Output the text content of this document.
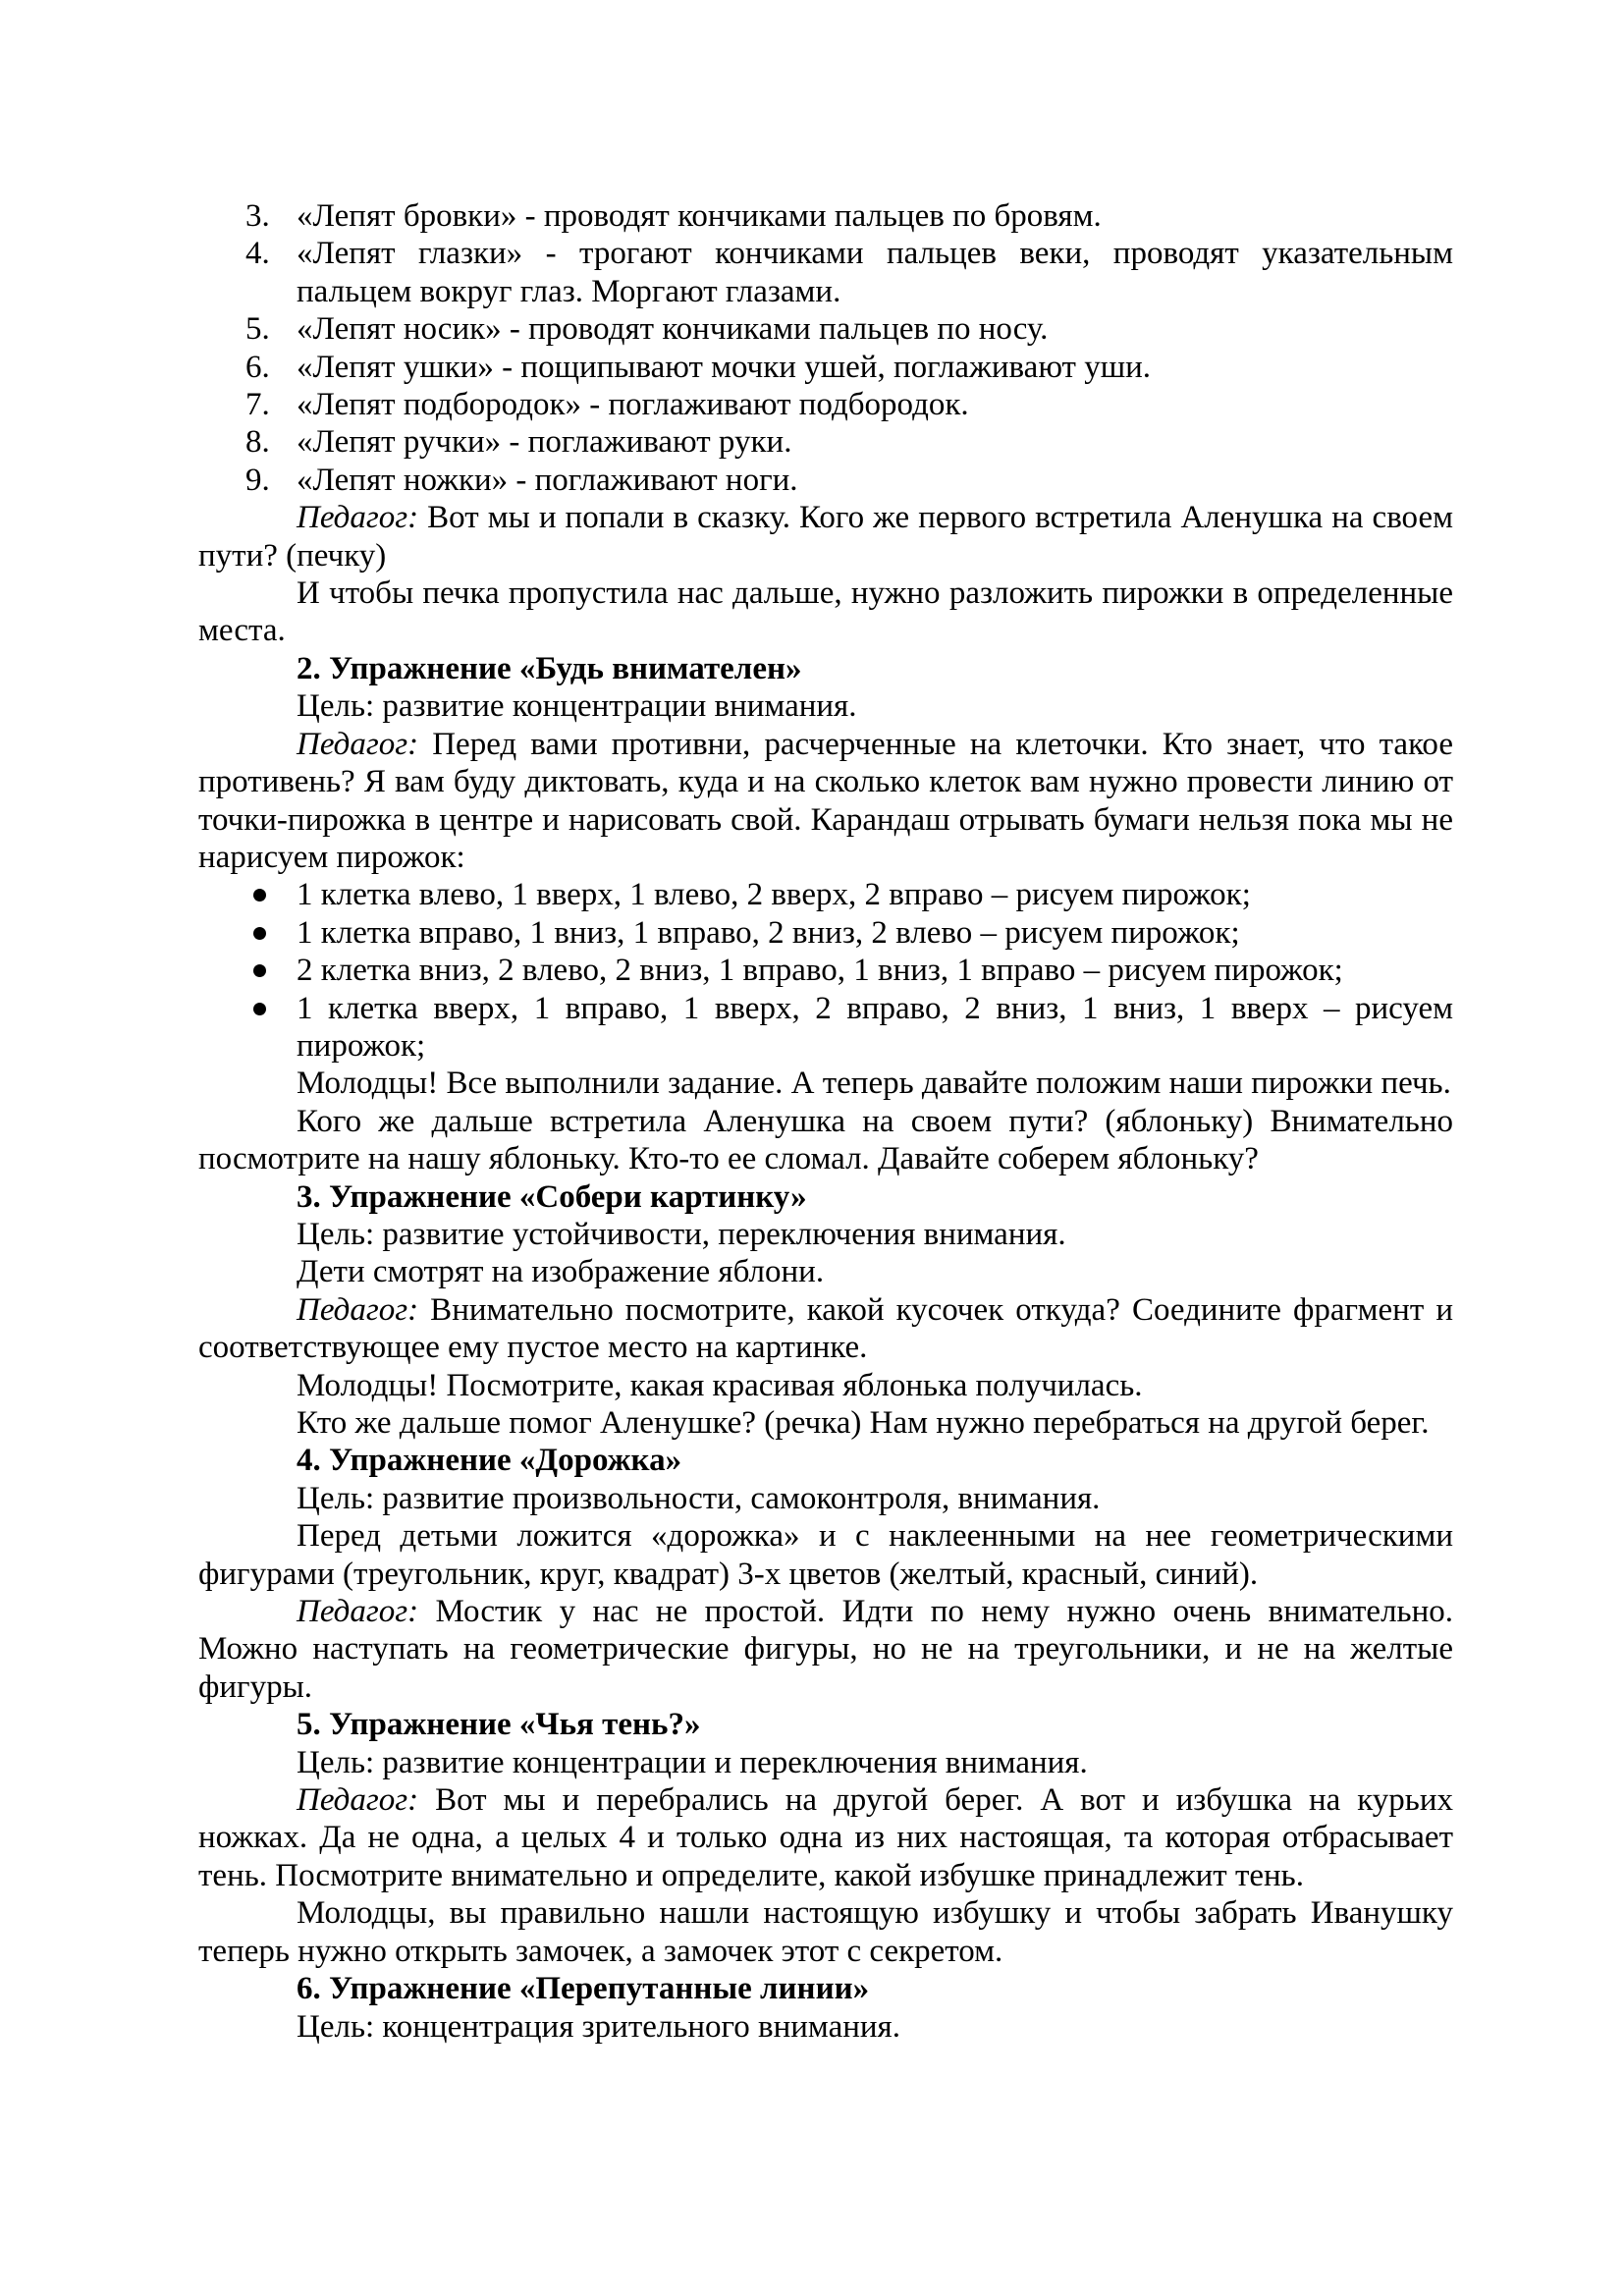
3. «Лепят бровки» - проводят кончиками пальцев по бровям.
4. «Лепят глазки» - трогают кончиками пальцев веки, проводят указательным пальцем вокруг глаз. Моргают глазами.
5. «Лепят носик» - проводят кончиками пальцев по носу.
6. «Лепят ушки» - пощипывают мочки ушей, поглаживают уши.
7. «Лепят подбородок» - поглаживают подбородок.
8. «Лепят ручки» - поглаживают руки.
9. «Лепят ножки» - поглаживают ноги.
Педагог: Вот мы и попали в сказку. Кого же первого встретила Аленушка на своем пути? (печку)
И чтобы печка пропустила нас дальше, нужно разложить пирожки в определенные места.
2. Упражнение «Будь внимателен»
Цель: развитие концентрации внимания.
Педагог: Перед вами противни, расчерченные на клеточки. Кто знает, что такое противень? Я вам буду диктовать, куда и на сколько клеток вам нужно провести линию от точки-пирожка в центре и нарисовать свой. Карандаш отрывать бумаги нельзя пока мы не нарисуем пирожок:
1 клетка влево, 1 вверх, 1 влево, 2 вверх, 2 вправо – рисуем пирожок;
1 клетка вправо, 1 вниз, 1 вправо, 2 вниз, 2 влево – рисуем пирожок;
2 клетка вниз, 2 влево, 2 вниз, 1 вправо, 1 вниз, 1 вправо – рисуем пирожок;
1 клетка вверх, 1 вправо, 1 вверх, 2 вправо, 2 вниз, 1 вниз, 1 вверх – рисуем пирожок;
Молодцы! Все выполнили задание. А теперь давайте положим наши пирожки печь.
Кого же дальше встретила Аленушка на своем пути? (яблоньку) Внимательно посмотрите на нашу яблоньку. Кто-то ее сломал. Давайте соберем яблоньку?
3. Упражнение «Собери картинку»
Цель: развитие устойчивости, переключения внимания.
Дети смотрят на изображение яблони.
Педагог: Внимательно посмотрите, какой кусочек откуда? Соедините фрагмент и соответствующее ему пустое место на картинке.
Молодцы! Посмотрите, какая красивая яблонька получилась.
Кто же дальше помог Аленушке? (речка) Нам нужно перебраться на другой берег.
4. Упражнение «Дорожка»
Цель: развитие произвольности, самоконтроля, внимания.
Перед детьми ложится «дорожка» и с наклеенными на нее геометрическими фигурами (треугольник, круг, квадрат) 3-х цветов (желтый, красный, синий).
Педагог: Мостик у нас не простой. Идти по нему нужно очень внимательно. Можно наступать на геометрические фигуры, но не на треугольники, и не на желтые фигуры.
5. Упражнение «Чья тень?»
Цель: развитие концентрации и переключения внимания.
Педагог: Вот мы и перебрались на другой берег. А вот и избушка на курьих ножках. Да не одна, а целых 4 и только одна из них настоящая, та которая отбрасывает тень. Посмотрите внимательно и определите, какой избушке принадлежит тень.
Молодцы, вы правильно нашли настоящую избушку и чтобы забрать Иванушку теперь нужно открыть замочек, а замочек этот с секретом.
6. Упражнение «Перепутанные линии»
Цель: концентрация зрительного внимания.
